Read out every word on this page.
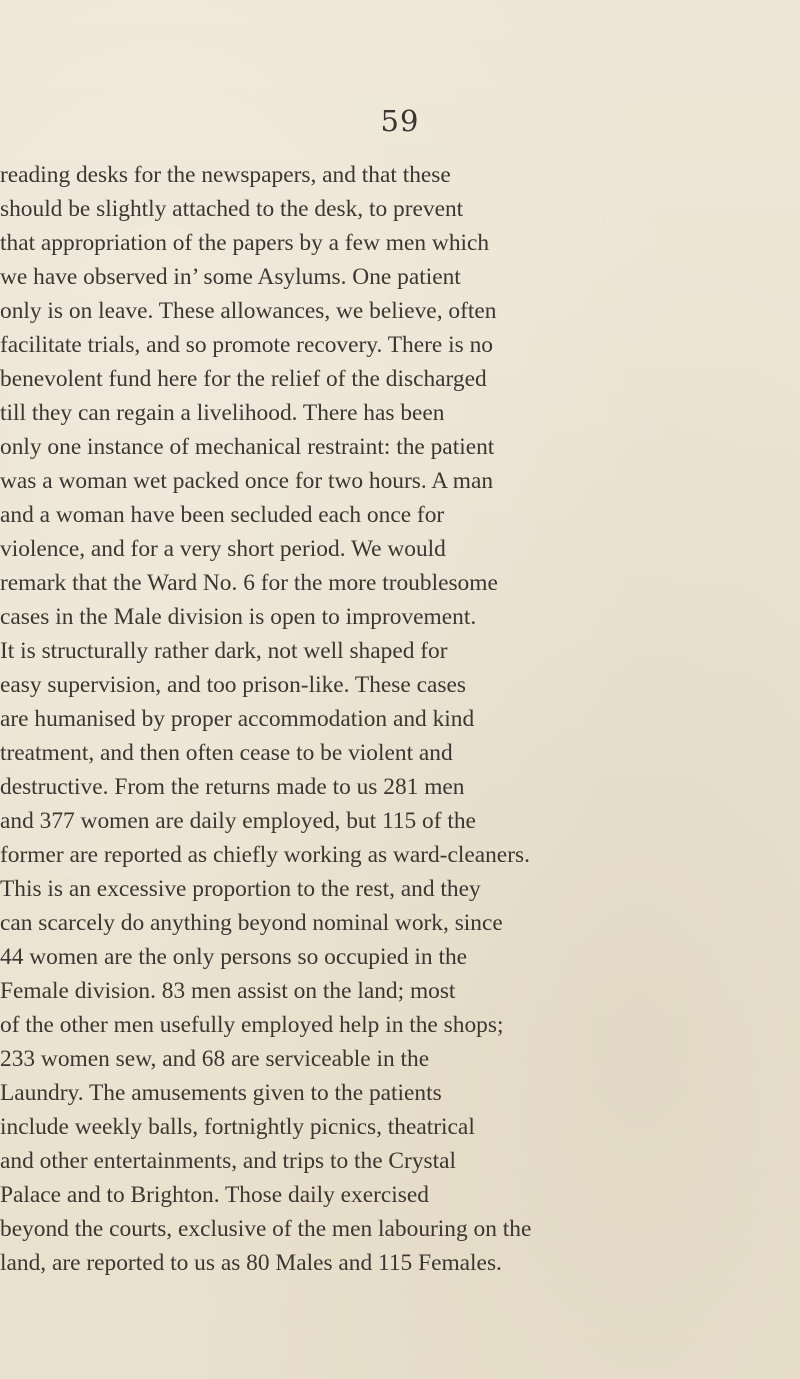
59
reading desks for the newspapers, and that these
should be slightly attached to the desk, to prevent
that appropriation of the papers by a few men which
we have observed in’ some Asylums. One patient
only is on leave. These allowances, we believe, often
facilitate trials, and so promote recovery. There is no
benevolent fund here for the relief of the discharged
till they can regain a livelihood. There has been
only one instance of mechanical restraint: the patient
was a woman wet packed once for two hours. A man
and a woman have been secluded each once for
violence, and for a very short period. We would
remark that the Ward No. 6 for the more troublesome
cases in the Male division is open to improvement.
It is structurally rather dark, not well shaped for
easy supervision, and too prison-like. These cases
are humanised by proper accommodation and kind
treatment, and then often cease to be violent and
destructive. From the returns made to us 281 men
and 377 women are daily employed, but 115 of the
former are reported as chiefly working as ward-cleaners.
This is an excessive proportion to the rest, and they
can scarcely do anything beyond nominal work, since
44 women are the only persons so occupied in the
Female division. 83 men assist on the land; most
of the other men usefully employed help in the shops;
233 women sew, and 68 are serviceable in the
Laundry. The amusements given to the patients
include weekly balls, fortnightly picnics, theatrical
and other entertainments, and trips to the Crystal
Palace and to Brighton. Those daily exercised
beyond the courts, exclusive of the men labouring on the
land, are reported to us as 80 Males and 115 Females.
